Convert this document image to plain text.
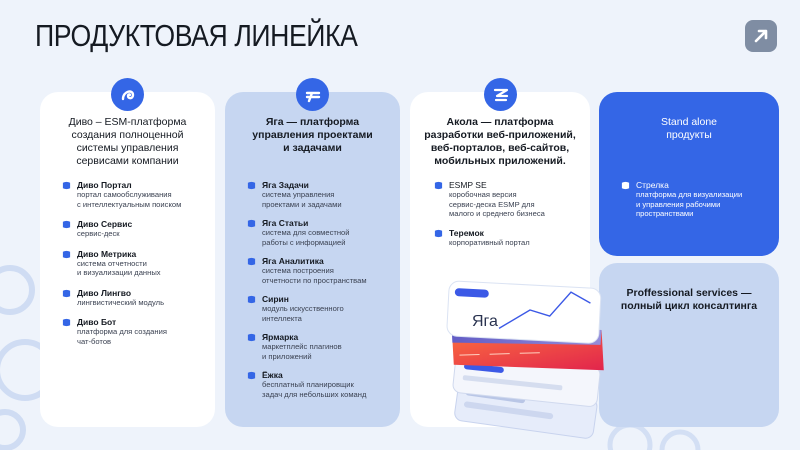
ПРОДУКТОВАЯ ЛИНЕЙКА
Диво – ESM-платформа
создания полноценной
системы управления
сервисами компании
Диво Портал
портал самообслуживания
с интеллектуальным поиском
Диво Сервис
сервис-деск
Диво Метрика
система отчетности
и визуализации данных
Диво Лингво
лингвистический модуль
Диво Бот
платформа для создания
чат-ботов
Яга — платформа
управления проектами
и задачами
Яга Задачи
система управления
проектами и задачами
Яга Статьи
система для совместной
работы с информацией
Яга Аналитика
система построения
отчетности по пространствам
Сирин
модуль искусственного
интеллекта
Ярмарка
маркетплейс плагинов
и приложений
Ёжка
бесплатный планировщик
задач для небольших команд
Акола — платформа
разработки веб-приложений,
веб-порталов, веб-сайтов,
мобильных приложений.
ESMP SE
коробочная версия
сервис-деска ESMP для
малого и среднего бизнеса
Теремок
корпоративный портал
Stand alone
продукты
Стрелка
платформа для визуализации
и управления рабочими
пространствами
Proffessional services —
полный цикл консалтинга
Яга
